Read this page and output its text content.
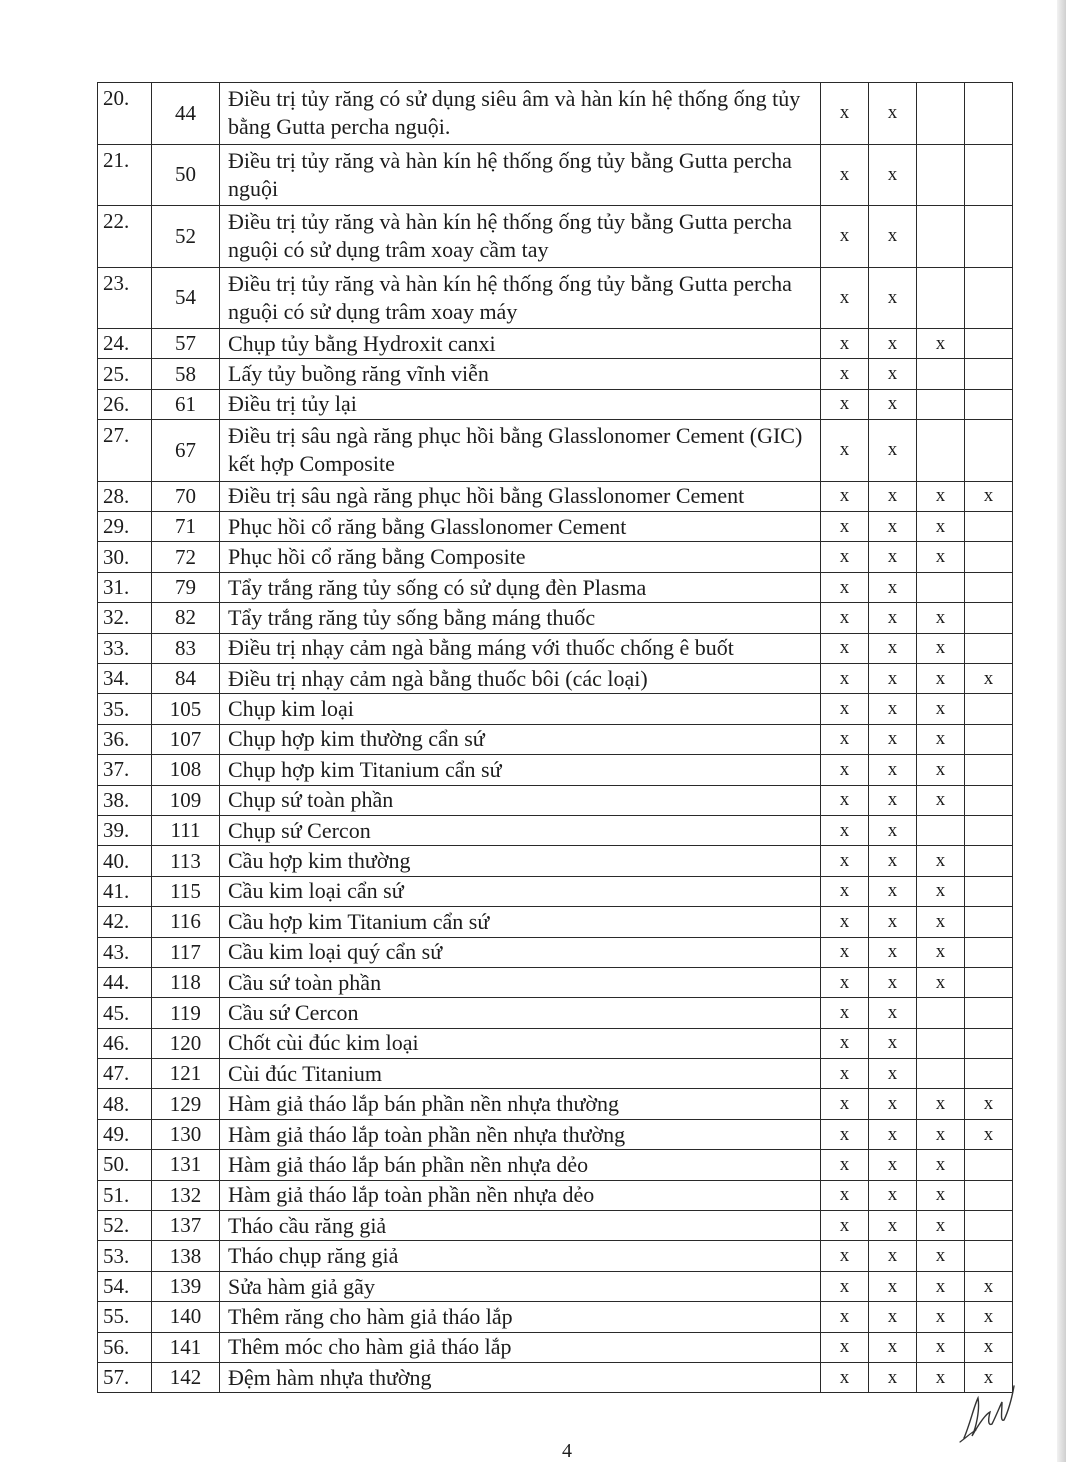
20.	44	Điều trị tủy răng có sử dụng siêu âm và hàn kín hệ thống ống tủy bằng Gutta percha nguội.	x	x		
21.	50	Điều trị tủy răng và hàn kín hệ thống ống tủy bằng Gutta percha nguội	x	x		
22.	52	Điều trị tủy răng và hàn kín hệ thống ống tủy bằng Gutta percha nguội có sử dụng trâm xoay cầm tay	x	x		
23.	54	Điều trị tủy răng và hàn kín hệ thống ống tủy bằng Gutta percha nguội có sử dụng trâm xoay máy	x	x		
24.	57	Chụp tủy bằng Hydroxit canxi	x	x	x	
25.	58	Lấy tủy buồng răng vĩnh viễn	x	x		
26.	61	Điều trị tủy lại	x	x		
27.	67	Điều trị sâu ngà răng phục hồi bằng Glasslonomer Cement (GIC) kết hợp Composite	x	x		
28.	70	Điều trị sâu ngà răng phục hồi bằng Glasslonomer Cement	x	x	x	x
29.	71	Phục hồi cổ răng bằng Glasslonomer Cement	x	x	x	
30.	72	Phục hồi cổ răng bằng Composite	x	x	x	
31.	79	Tẩy trắng răng tủy sống có sử dụng đèn Plasma	x	x		
32.	82	Tẩy trắng răng tủy sống bằng máng thuốc	x	x	x	
33.	83	Điều trị nhạy cảm ngà bằng máng với thuốc chống ê buốt	x	x	x	
34.	84	Điều trị nhạy cảm ngà bằng thuốc bôi (các loại)	x	x	x	x
35.	105	Chụp kim loại	x	x	x	
36.	107	Chụp hợp kim thường cẩn sứ	x	x	x	
37.	108	Chụp hợp kim Titanium cẩn sứ	x	x	x	
38.	109	Chụp sứ toàn phần	x	x	x	
39.	111	Chụp sứ Cercon	x	x		
40.	113	Cầu hợp kim thường	x	x	x	
41.	115	Cầu kim loại cẩn sứ	x	x	x	
42.	116	Cầu hợp kim Titanium cẩn sứ	x	x	x	
43.	117	Cầu kim loại quý cẩn sứ	x	x	x	
44.	118	Cầu sứ toàn phần	x	x	x	
45.	119	Cầu sứ Cercon	x	x		
46.	120	Chốt cùi đúc kim loại	x	x		
47.	121	Cùi đúc Titanium	x	x		
48.	129	Hàm giả tháo lắp bán phần nền nhựa thường	x	x	x	x
49.	130	Hàm giả tháo lắp toàn phần nền nhựa thường	x	x	x	x
50.	131	Hàm giả tháo lắp bán phần nền nhựa dẻo	x	x	x	
51.	132	Hàm giả tháo lắp toàn phần nền nhựa dẻo	x	x	x	
52.	137	Tháo cầu răng giả	x	x	x	
53.	138	Tháo chụp răng giả	x	x	x	
54.	139	Sửa hàm giả gãy	x	x	x	x
55.	140	Thêm răng cho hàm giả tháo lắp	x	x	x	x
56.	141	Thêm móc cho hàm giả tháo lắp	x	x	x	x
57.	142	Đệm hàm nhựa thường	x	x	x	x
4
